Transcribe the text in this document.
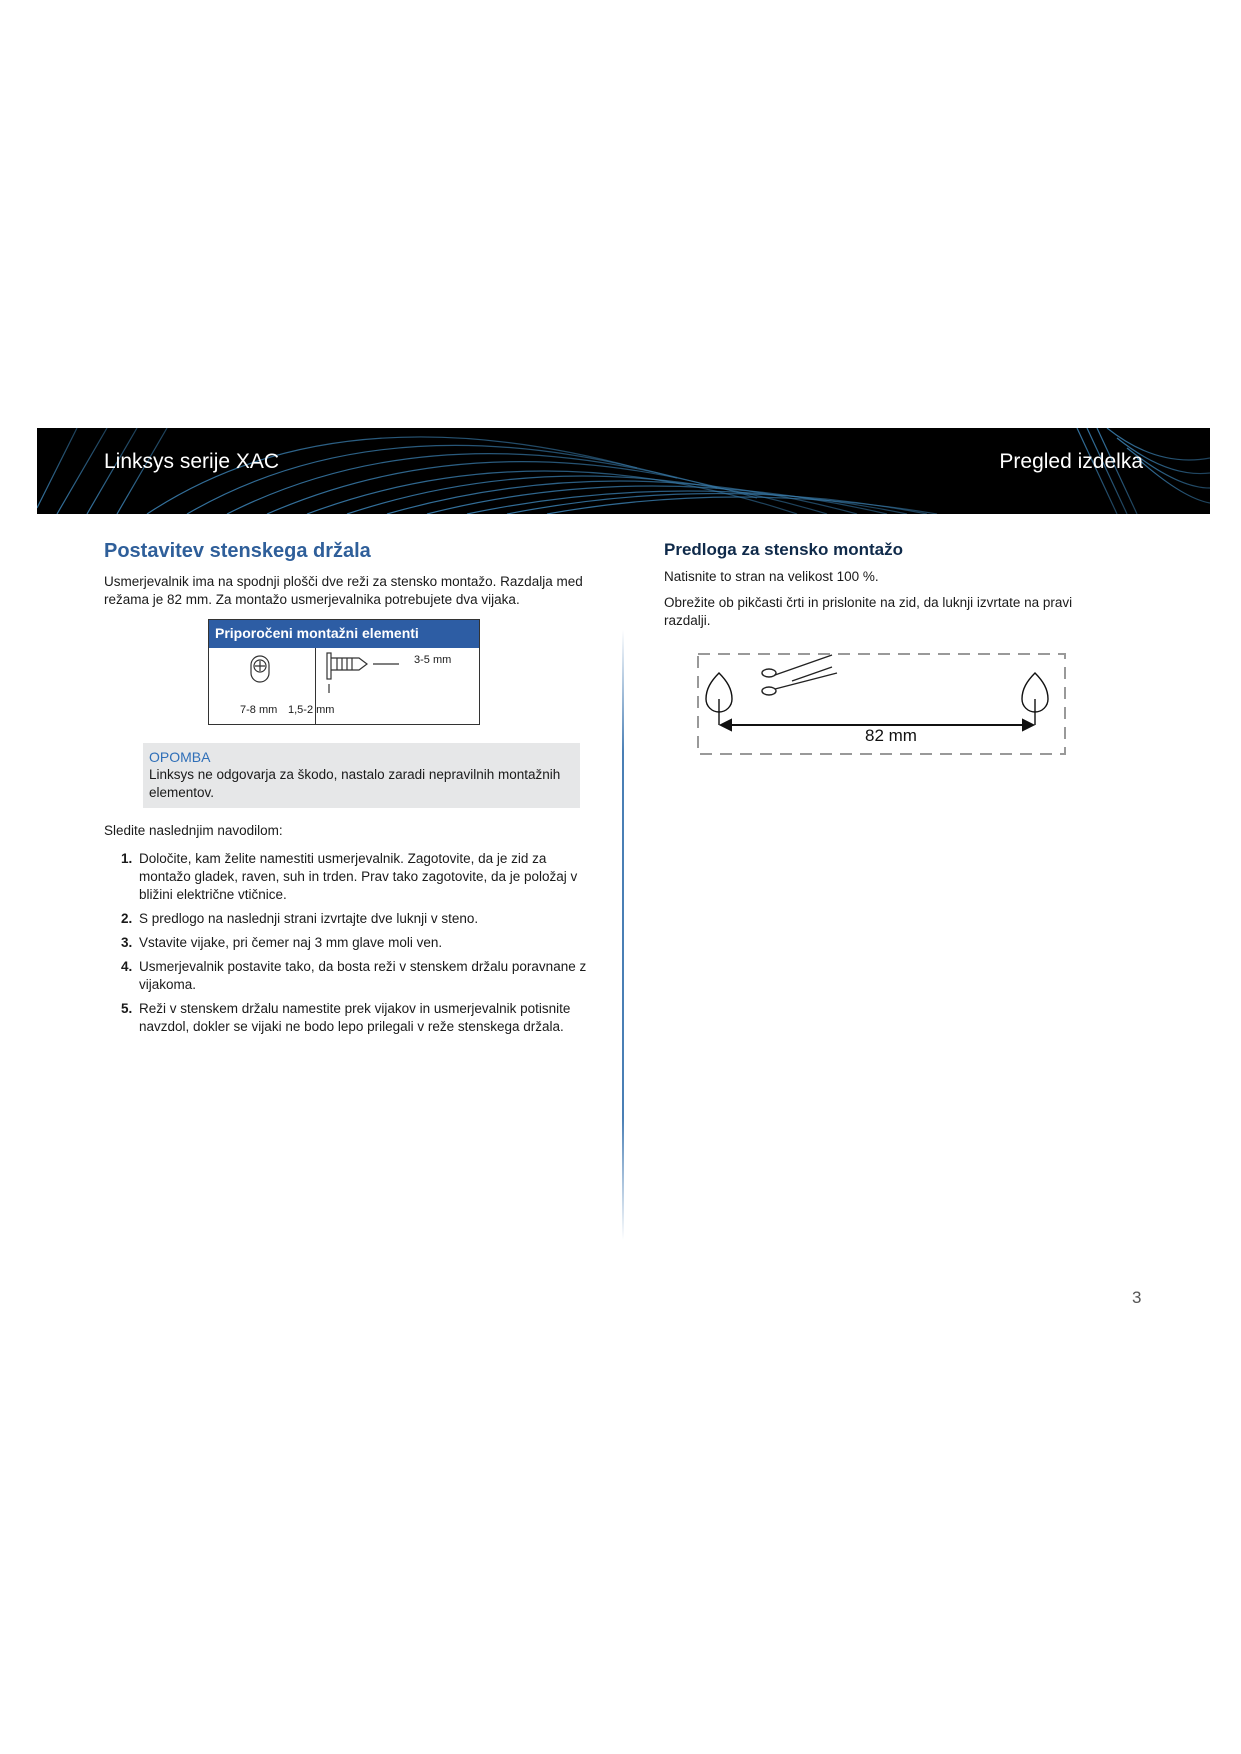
Linksys serije XAC	Pregled izdelka
Postavitev stenskega držala

Usmerjevalnik ima na spodnji plošči dve reži za stensko montažo. Razdalja med režama je 82 mm. Za montažo usmerjevalnika potrebujete dva vijaka.

Priporočeni montažni elementi
3-5 mm
7-8 mm 1,5-2 mm
OPOMBA

Linksys ne odgovarja za škodo, nastalo zaradi nepravilnih montažnih elementov.

Sledite naslednjim navodilom:

1. Določite, kam želite namestiti usmerjevalnik. Zagotovite, da je zid za montažo gladek, raven, suh in trden. Prav tako zagotovite, da je položaj v bližini električne vtičnice.
2. S predlogo na naslednji strani izvrtajte dve luknji v steno.
3. Vstavite vijake, pri čemer naj 3 mm glave moli ven.
4. Usmerjevalnik postavite tako, da bosta reži v stenskem držalu poravnane z vijakoma.
5. Reži v stenskem držalu namestite prek vijakov in usmerjevalnik potisnite navzdol, dokler se vijaki ne bodo lepo prilegali v reže stenskega držala.
Predloga za stensko montažo

Natisnite to stran na velikost 100 %.

Obrežite ob pikčasti črti in prislonite na zid, da luknji izvrtate na pravi razdalji.

82 mm
3
